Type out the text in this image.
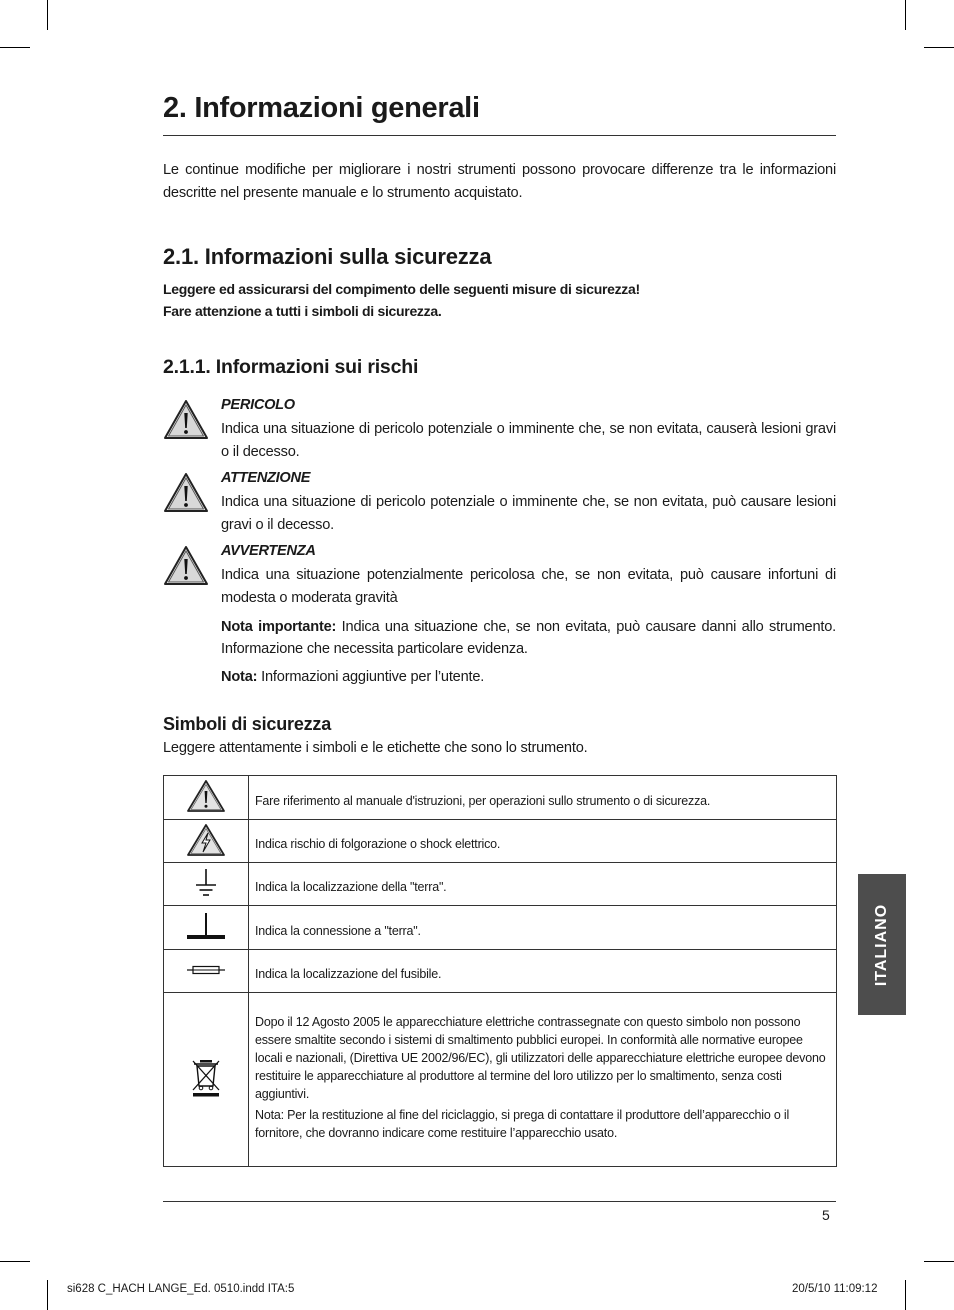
2. Informazioni generali

Le continue modifiche per migliorare i nostri strumenti possono provocare differenze tra le informazioni descritte nel presente manuale e lo strumento acquistato.

2.1. Informazioni sulla sicurezza

Leggere ed assicurarsi del compimento delle seguenti misure di sicurezza!

Fare attenzione a tutti i simboli di sicurezza.

2.1.1. Informazioni sui rischi
PERICOLO
Indica una situazione di pericolo potenziale o imminente che, se non evitata, causerà lesioni gravi o il decesso.
ATTENZIONE
Indica una situazione di pericolo potenziale o imminente che, se non evitata, può causare lesioni gravi o il decesso.
AVVERTENZA
Indica una situazione potenzialmente pericolosa che, se non evitata, può causare infortuni di modesta o moderata gravità
Nota importante: Indica una situazione che, se non evitata, può causare danni allo strumento. Informazione che necessita particolare evidenza.
Nota: Informazioni aggiuntive per l’utente.
Simboli di sicurezza

Leggere attentamente i simboli e le etichette che sono lo strumento.

	Fare riferimento al manuale d'istruzioni, per operazioni sullo strumento o di sicurezza.
	Indica rischio di folgorazione o shock elettrico.
	Indica la localizzazione della "terra".
	Indica la connessione a "terra".
	Indica la localizzazione del fusibile.

Dopo il 12 Agosto 2005 le apparecchiature elettriche contrassegnate con questo simbolo non possono essere smaltite secondo i sistemi di smaltimento pubblici europei. In conformità alle normative europee locali e nazionali, (Direttiva UE 2002/96/EC), gli utilizzatori delle apparecchiature elettriche europee devono restituire le apparecchiature al produttore al termine del loro utilizzo per lo smaltimento, senza costi aggiuntivi.
Nota: Per la restituzione al fine del riciclaggio, si prega di contattare il produttore dell’apparecchio o il fornitore, che dovranno indicare come restituire l’apparecchio usato.
ITALIANO
5
si628 C_HACH LANGE_Ed. 0510.indd ITA:5	20/5/10 11:09:12
